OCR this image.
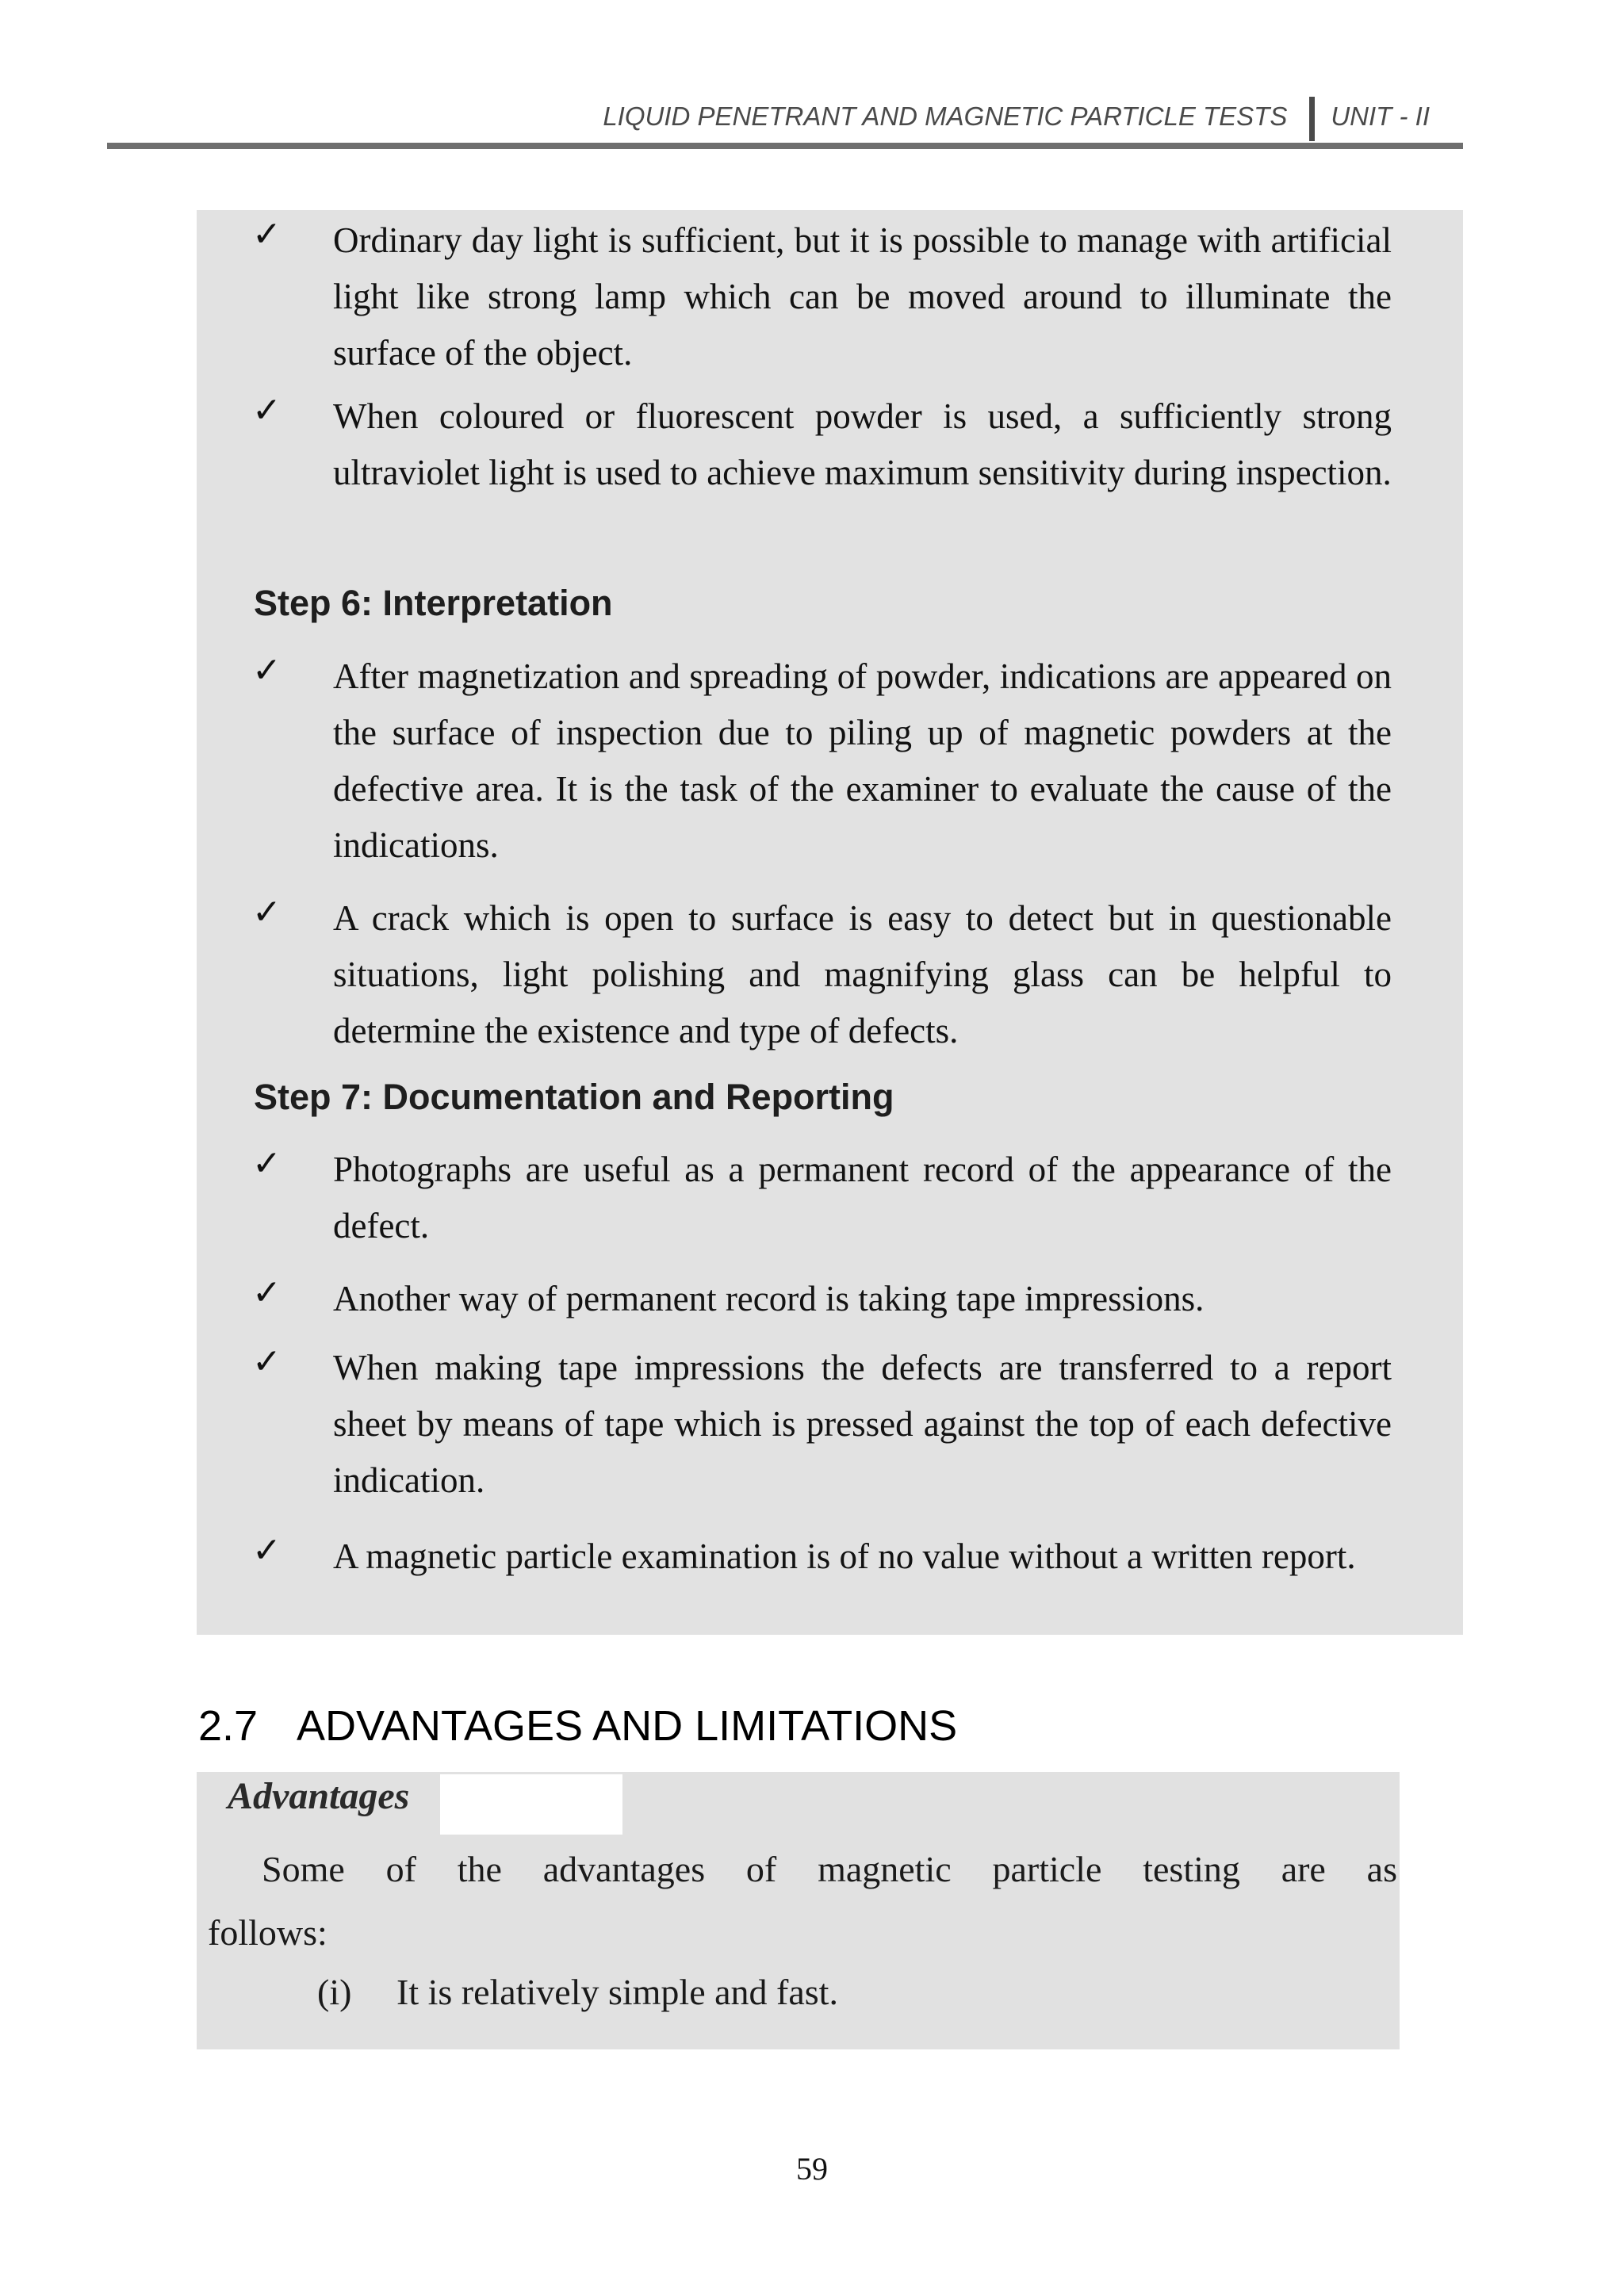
LIQUID PENETRANT AND MAGNETIC PARTICLE TESTS UNIT - II
✓ Ordinary day light is sufficient, but it is possible to manage with artificial light like strong lamp which can be moved around to illuminate the surface of the object.
✓ When coloured or fluorescent powder is used, a sufficiently strong ultraviolet light is used to achieve maximum sensitivity during inspection.
Step 6: Interpretation
✓ After magnetization and spreading of powder, indications are appeared on the surface of inspection due to piling up of magnetic powders at the defective area. It is the task of the examiner to evaluate the cause of the indications.
✓ A crack which is open to surface is easy to detect but in questionable situations, light polishing and magnifying glass can be helpful to determine the existence and type of defects.
Step 7: Documentation and Reporting
✓ Photographs are useful as a permanent record of the appearance of the defect.
✓ Another way of permanent record is taking tape impressions.
✓ When making tape impressions the defects are transferred to a report sheet by means of tape which is pressed against the top of each defective indication.
✓ A magnetic particle examination is of no value without a written report.
2.7 ADVANTAGES AND LIMITATIONS
Advantages
Some of the advantages of magnetic particle testing are as
follows:
(i) It is relatively simple and fast.
59
